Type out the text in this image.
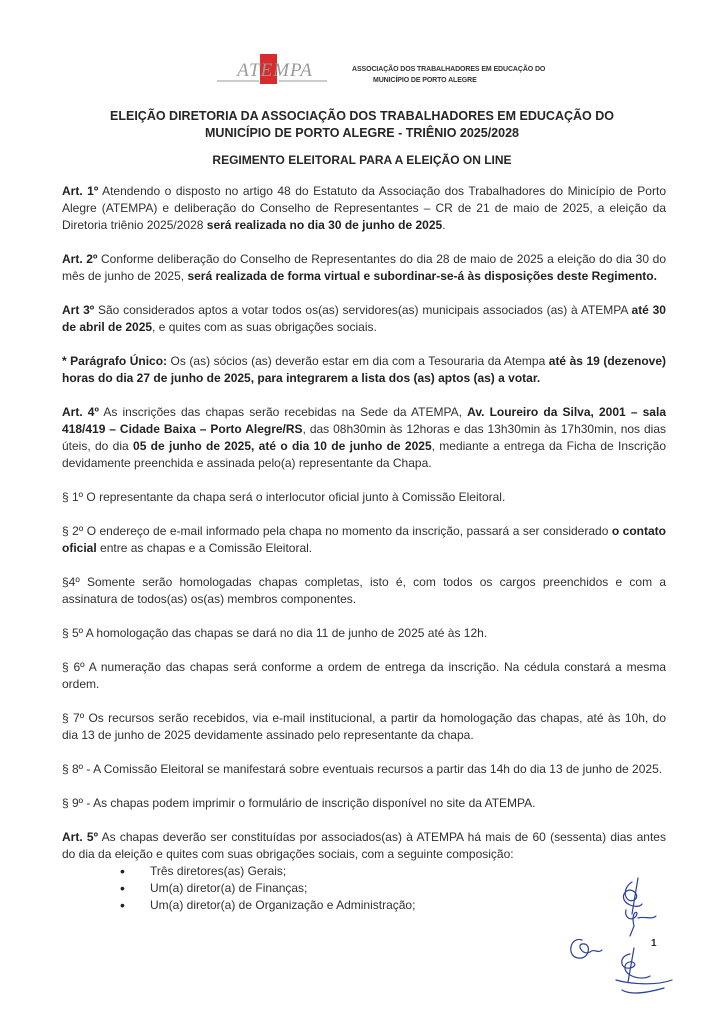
ATEMPA	ASSOCIAÇÃO DOS TRABALHADORES EM EDUCAÇÃO DO
MUNICÍPIO DE PORTO ALEGRE
ELEIÇÃO DIRETORIA DA ASSOCIAÇÃO DOS TRABALHADORES EM EDUCAÇÃO DO
MUNICÍPIO DE PORTO ALEGRE - TRIÊNIO 2025/2028
REGIMENTO ELEITORAL PARA A ELEIÇÃO ON LINE

Art. 1º Atendendo o disposto no artigo 48 do Estatuto da Associação dos Trabalhadores do Minicípio de Porto Alegre (ATEMPA) e deliberação do Conselho de Representantes – CR de 21 de maio de 2025, a eleição da Diretoria triênio 2025/2028 será realizada no dia 30 de junho de 2025.

Art. 2º Conforme deliberação do Conselho de Representantes do dia 28 de maio de 2025 a eleição do dia 30 do mês de junho de 2025, será realizada de forma virtual e subordinar-se-á às disposições deste Regimento.

Art 3º São considerados aptos a votar todos os(as) servidores(as) municipais associados (as) à ATEMPA até 30 de abril de 2025, e quites com as suas obrigações sociais.

* Parágrafo Único: Os (as) sócios (as) deverão estar em dia com a Tesouraria da Atempa até às 19 (dezenove) horas do dia 27 de junho de 2025, para integrarem a lista dos (as) aptos (as) a votar.

Art. 4º As inscrições das chapas serão recebidas na Sede da ATEMPA, Av. Loureiro da Silva, 2001 – sala 418/419 – Cidade Baixa – Porto Alegre/RS, das 08h30min às 12horas e das 13h30min às 17h30min, nos dias úteis, do dia 05 de junho de 2025, até o dia 10 de junho de 2025, mediante a entrega da Ficha de Inscrição devidamente preenchida e assinada pelo(a) representante da Chapa.

§ 1º O representante da chapa será o interlocutor oficial junto à Comissão Eleitoral.

§ 2º O endereço de e-mail informado pela chapa no momento da inscrição, passará a ser considerado o contato oficial entre as chapas e a Comissão Eleitoral.

§4º Somente serão homologadas chapas completas, isto é, com todos os cargos preenchidos e com a assinatura de todos(as) os(as) membros componentes.

§ 5º A homologação das chapas se dará no dia 11 de junho de 2025 até às 12h.

§ 6º A numeração das chapas será conforme a ordem de entrega da inscrição. Na cédula constará a mesma ordem.

§ 7º Os recursos serão recebidos, via e-mail institucional, a partir da homologação das chapas, até às 10h, do dia 13 de junho de 2025 devidamente assinado pelo representante da chapa.

§ 8º - A Comissão Eleitoral se manifestará sobre eventuais recursos a partir das 14h do dia 13 de junho de 2025.

§ 9º - As chapas podem imprimir o formulário de inscrição disponível no site da ATEMPA.

Art. 5º As chapas deverão ser constituídas por associados(as) à ATEMPA há mais de 60 (sessenta) dias antes do dia da eleição e quites com suas obrigações sociais, com a seguinte composição:

• Três diretores(as) Gerais;
• Um(a) diretor(a) de Finanças;
• Um(a) diretor(a) de Organização e Administração;
1
